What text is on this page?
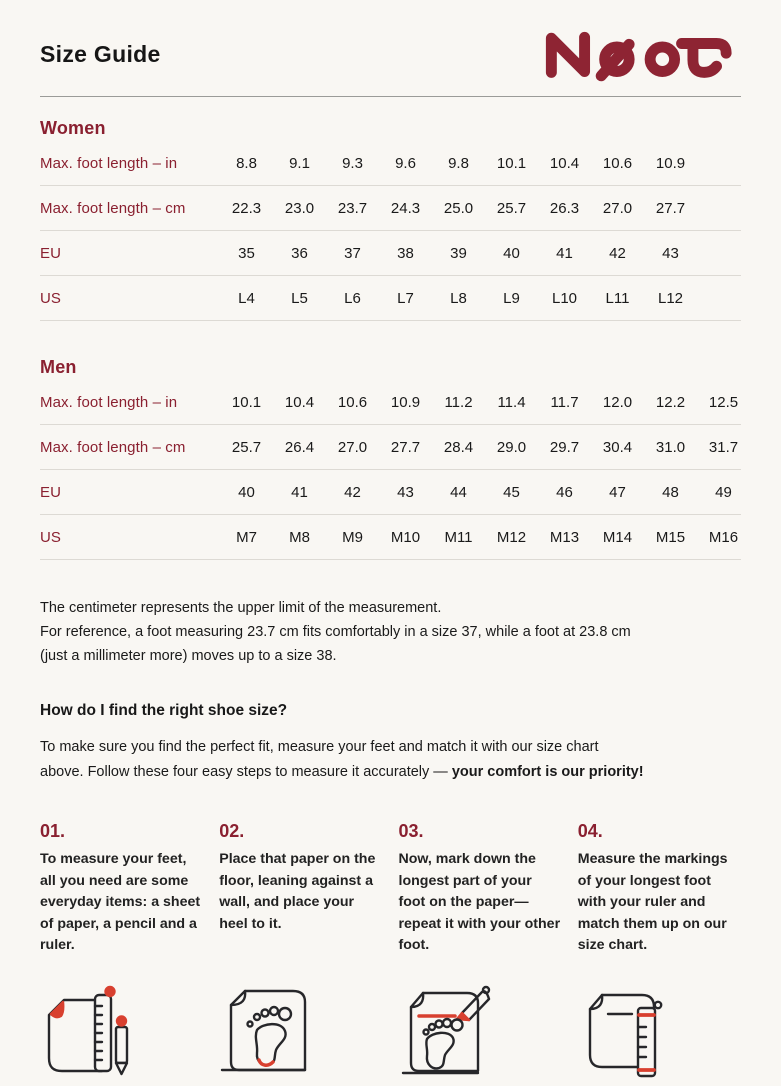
Size Guide
Women
Max. foot length – in	8.8	9.1	9.3	9.6	9.8	10.1	10.4	10.6	10.9
Max. foot length – cm	22.3	23.0	23.7	24.3	25.0	25.7	26.3	27.0	27.7
EU	35	36	37	38	39	40	41	42	43
US	L4	L5	L6	L7	L8	L9	L10	L11	L12
Men
Max. foot length – in	10.1	10.4	10.6	10.9	11.2	11.4	11.7	12.0	12.2	12.5
Max. foot length – cm	25.7	26.4	27.0	27.7	28.4	29.0	29.7	30.4	31.0	31.7
EU	40	41	42	43	44	45	46	47	48	49
US	M7	M8	M9	M10	M11	M12	M13	M14	M15	M16
The centimeter represents the upper limit of the measurement.
For reference, a foot measuring 23.7 cm fits comfortably in a size 37, while a foot at 23.8 cm
(just a millimeter more) moves up to a size 38.
How do I find the right shoe size?
To make sure you find the perfect fit, measure your feet and match it with our size chart
above. Follow these four easy steps to measure it accurately — your comfort is our priority!
01.
To measure your feet, all you need are some everyday items: a sheet of paper, a pencil and a ruler.
02.
Place that paper on the floor, leaning against a wall, and place your heel to it.
03.
Now, mark down the longest part of your foot on the paper—repeat it with your other foot.
04.
Measure the markings of your longest foot with your ruler and match them up on our size chart.
